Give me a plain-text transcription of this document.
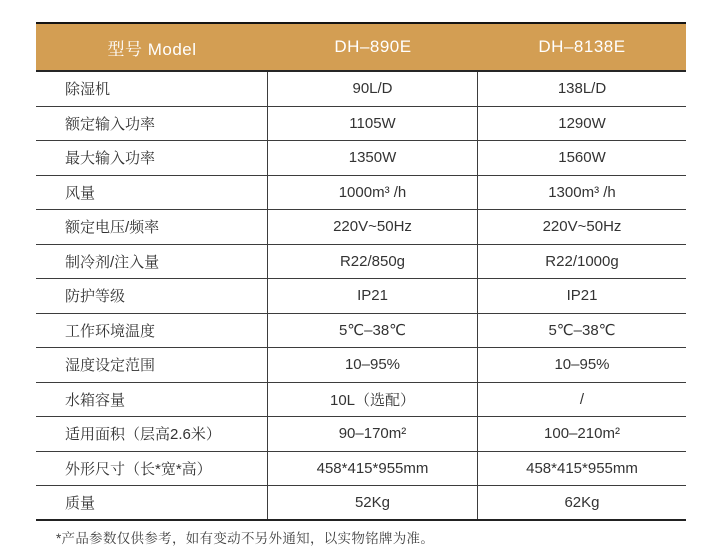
型号 Model	DH–890E	DH–8138E
除湿机	90L/D	138L/D
额定输入功率	1105W	1290W
最大输入功率	1350W	1560W
风量	1000m³ /h	1300m³ /h
额定电压/频率	220V~50Hz	220V~50Hz
制冷剂/注入量	R22/850g	R22/1000g
防护等级	IP21	IP21
工作环境温度	5℃–38℃	5℃–38℃
湿度设定范围	10–95%	10–95%
水箱容量	10L（选配）	/
适用面积（层高2.6米）	90–170m²	100–210m²
外形尺寸（长*宽*高）	458*415*955mm	458*415*955mm
质量	52Kg	62Kg
*产品参数仅供参考，如有变动不另外通知，以实物铭牌为准。
